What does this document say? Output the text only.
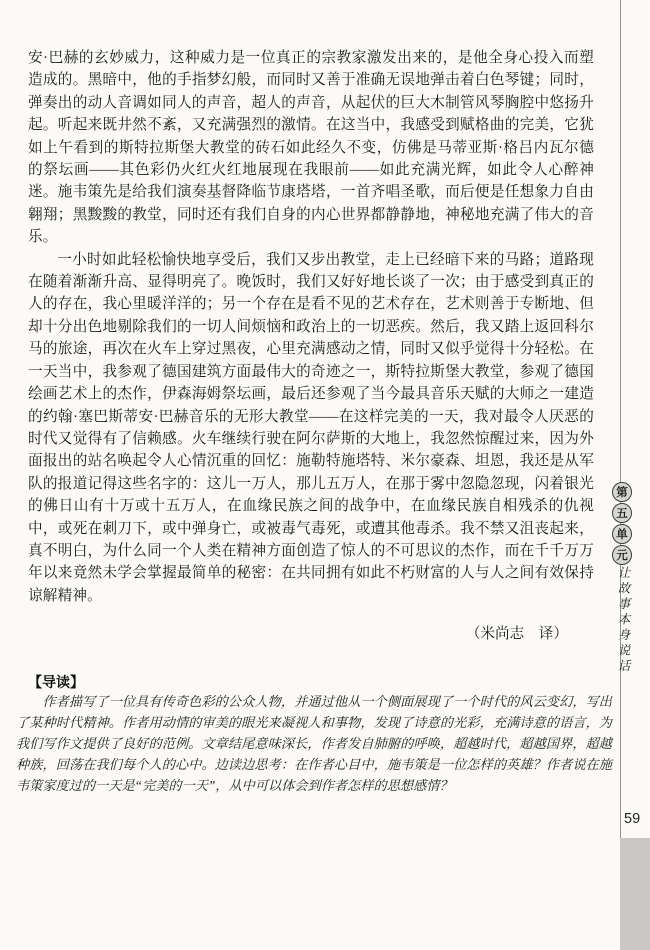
安·巴赫的玄妙威力，这种威力是一位真正的宗教家激发出来的，是他全身心投入而塑造成的。黑暗中，他的手指梦幻般，而同时又善于准确无误地弹击着白色琴键；同时，弹奏出的动人音调如同人的声音，超人的声音，从起伏的巨大木制管风琴胸腔中悠扬升起。听起来既井然不紊，又充满强烈的激情。在这当中，我感受到赋格曲的完美，它犹如上午看到的斯特拉斯堡大教堂的砖石如此经久不变，仿佛是马蒂亚斯·格吕内瓦尔德的祭坛画——其色彩仍火红火红地展现在我眼前——如此充满光辉，如此令人心醉神迷。施韦策先是给我们演奏基督降临节康塔塔，一首齐唱圣歌，而后便是任想象力自由翱翔；黑黢黢的教堂，同时还有我们自身的内心世界都静静地，神秘地充满了伟大的音乐。

一小时如此轻松愉快地享受后，我们又步出教堂，走上已经暗下来的马路；道路现在随着渐渐升高、显得明亮了。晚饭时，我们又好好地长谈了一次；由于感受到真正的人的存在，我心里暖洋洋的；另一个存在是看不见的艺术存在，艺术则善于专断地、但却十分出色地剔除我们的一切人间烦恼和政治上的一切恶疾。然后，我又踏上返回科尔马的旅途，再次在火车上穿过黑夜，心里充满感动之情，同时又似乎觉得十分轻松。在一天当中，我参观了德国建筑方面最伟大的奇迹之一，斯特拉斯堡大教堂，参观了德国绘画艺术上的杰作，伊森海姆祭坛画，最后还参观了当今最具音乐天赋的大师之一建造的约翰·塞巴斯蒂安·巴赫音乐的无形大教堂——在这样完美的一天，我对最令人厌恶的时代又觉得有了信赖感。火车继续行驶在阿尔萨斯的大地上，我忽然惊醒过来，因为外面报出的站名唤起令人心情沉重的回忆：施勒特施塔特、米尔豪森、坦恩，我还是从军队的报道记得这些名字的：这儿一万人，那儿五万人，在那于雾中忽隐忽现，闪着银光的佛日山有十万或十五万人，在血缘民族之间的战争中，在血缘民族自相残杀的仇视中，或死在刺刀下，或中弹身亡，或被毒气毒死，或遭其他毒杀。我不禁又沮丧起来，真不明白，为什么同一个人类在精神方面创造了惊人的不可思议的杰作，而在千千万万年以来竟然未学会掌握最简单的秘密：在共同拥有如此不朽财富的人与人之间有效保持谅解精神。

（米尚志　译）
【导读】
作者描写了一位具有传奇色彩的公众人物，并通过他从一个侧面展现了一个时代的风云变幻，写出了某种时代精神。作者用动情的审美的眼光来凝视人和事物，发现了诗意的光彩，充满诗意的语言，为我们写作文提供了良好的范例。文章结尾意味深长，作者发自肺腑的呼唤，超越时代，超越国界，超越种族，回荡在我们每个人的心中。边读边思考：在作者心目中，施韦策是一位怎样的英雄？作者说在施韦策家度过的一天是“完美的一天”，从中可以体会到作者怎样的思想感情？
第
五
单
元
让故事本身说话
59
